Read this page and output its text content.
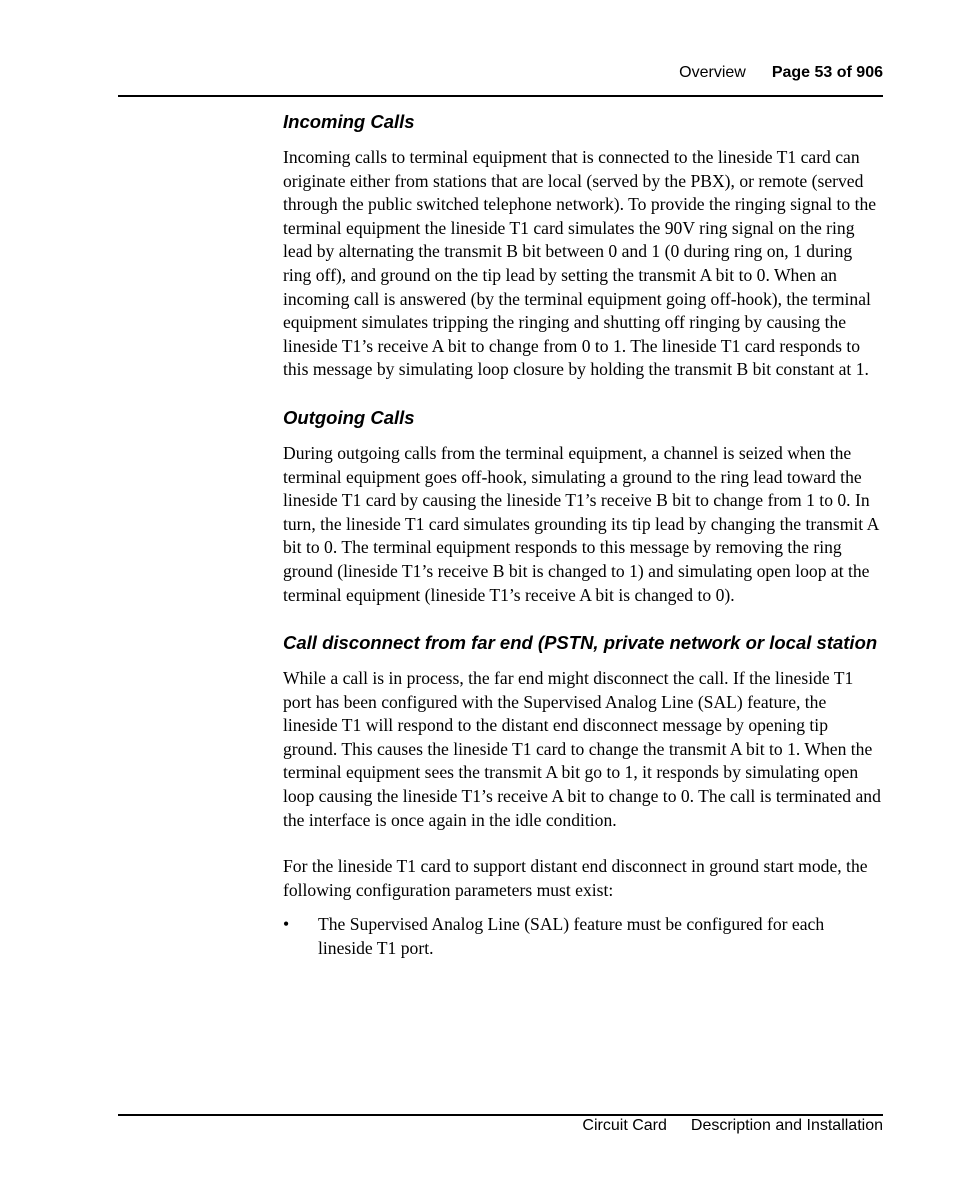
Overview Page 53 of 906
Incoming Calls

Incoming calls to terminal equipment that is connected to the lineside T1 card can originate either from stations that are local (served by the PBX), or remote (served through the public switched telephone network). To provide the ringing signal to the terminal equipment the lineside T1 card simulates the 90V ring signal on the ring lead by alternating the transmit B bit between 0 and 1 (0 during ring on, 1 during ring off), and ground on the tip lead by setting the transmit A bit to 0. When an incoming call is answered (by the terminal equipment going off-hook), the terminal equipment simulates tripping the ringing and shutting off ringing by causing the lineside T1’s receive A bit to change from 0 to 1. The lineside T1 card responds to this message by simulating loop closure by holding the transmit B bit constant at 1.

Outgoing Calls

During outgoing calls from the terminal equipment, a channel is seized when the terminal equipment goes off-hook, simulating a ground to the ring lead toward the lineside T1 card by causing the lineside T1’s receive B bit to change from 1 to 0. In turn, the lineside T1 card simulates grounding its tip lead by changing the transmit A bit to 0. The terminal equipment responds to this message by removing the ring ground (lineside T1’s receive B bit is changed to 1) and simulating open loop at the terminal equipment (lineside T1’s receive A bit is changed to 0).

Call disconnect from far end (PSTN, private network or local station

While a call is in process, the far end might disconnect the call. If the lineside T1 port has been configured with the Supervised Analog Line (SAL) feature, the lineside T1 will respond to the distant end disconnect message by opening tip ground. This causes the lineside T1 card to change the transmit A bit to 1. When the terminal equipment sees the transmit A bit go to 1, it responds by simulating open loop causing the lineside T1’s receive A bit to change to 0. The call is terminated and the interface is once again in the idle condition.

For the lineside T1 card to support distant end disconnect in ground start mode, the following configuration parameters must exist:

• The Supervised Analog Line (SAL) feature must be configured for each lineside T1 port.
Circuit Card Description and Installation
